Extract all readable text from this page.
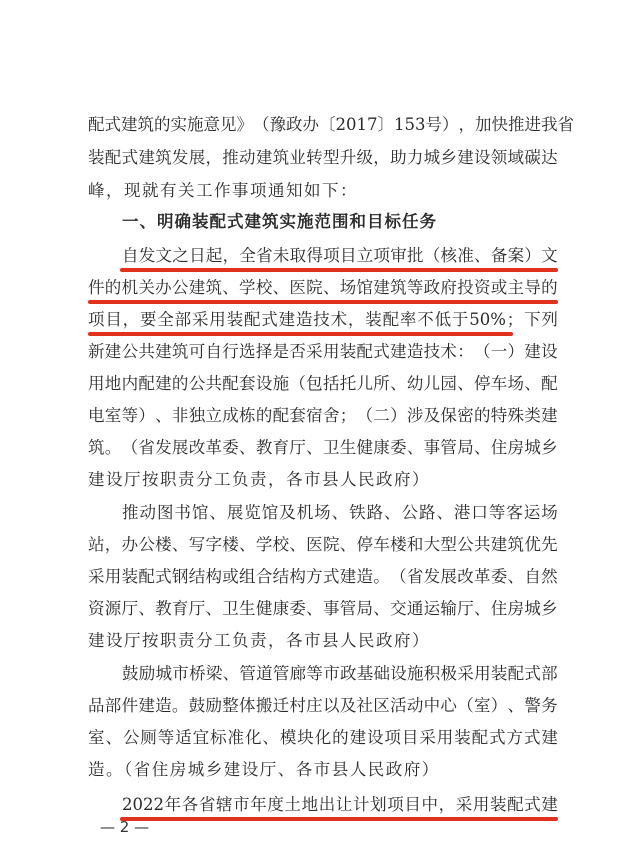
配 式 建 筑 的 实 施 意 见 》 （ 豫 政 办 〔 2017 〕 153 号 ） ， 加 快 推 进 我 省
装 配 式 建 筑 发 展 ， 推 动 建 筑 业 转 型 升 级 ， 助 力 城 乡 建 设 领 域 碳 达
峰，现就有关工作事项通知如下：
一、明确装配式建筑实施范围和目标任务
自 发 文 之 日 起 ， 全 省 未 取 得 项 目 立 项 审 批 （ 核 准 、 备 案 ） 文
件 的 机 关 办 公 建 筑 、 学 校 、 医 院 、 场 馆 建 筑 等 政 府 投 资 或 主 导 的
项 目 ， 要 全 部 采 用 装 配 式 建 造 技 术 ， 装 配 率 不 低 于 50% ； 下 列
新 建 公 共 建 筑 可 自 行 选 择 是 否 采 用 装 配 式 建 造 技 术 ： （ 一 ） 建 设
用 地 内 配 建 的 公 共 配 套 设 施 （ 包 括 托 儿 所 、 幼 儿 园 、 停 车 场 、 配
电 室 等 ） 、 非 独 立 成 栋 的 配 套 宿 舍 ； （ 二 ） 涉 及 保 密 的 特 殊 类 建
筑 。 （ 省 发 展 改 革 委 、 教 育 厅 、 卫 生 健 康 委 、 事 管 局 、 住 房 城 乡
建设厅按职责分工负责，各市县人民政府）
推 动 图 书 馆 、 展 览 馆 及 机 场 、 铁 路 、 公 路 、 港 口 等 客 运 场
站 ， 办 公 楼 、 写 字 楼 、 学 校 、 医 院 、 停 车 楼 和 大 型 公 共 建 筑 优 先
采 用 装 配 式 钢 结 构 或 组 合 结 构 方 式 建 造 。 （ 省 发 展 改 革 委 、 自 然
资 源 厅 、 教 育 厅 、 卫 生 健 康 委 、 事 管 局 、 交 通 运 输 厅 、 住 房 城 乡
建设厅按职责分工负责，各市县人民政府）
鼓 励 城 市 桥 梁 、 管 道 管 廊 等 市 政 基 础 设 施 积 极 采 用 装 配 式 部
品 部 件 建 造 。 鼓 励 整 体 搬 迁 村 庄 以 及 社 区 活 动 中 心 （ 室 ） 、 警 务
室 、 公 厕 等 适 宜 标 准 化 、 模 块 化 的 建 设 项 目 采 用 装 配 式 方 式 建
造。（省住房城乡建设厅、各市县人民政府）
2022 年 各 省 辖 市 年 度 土 地 出 让 计 划 项 目 中 ， 采 用 装 配 式 建
— 2 —
